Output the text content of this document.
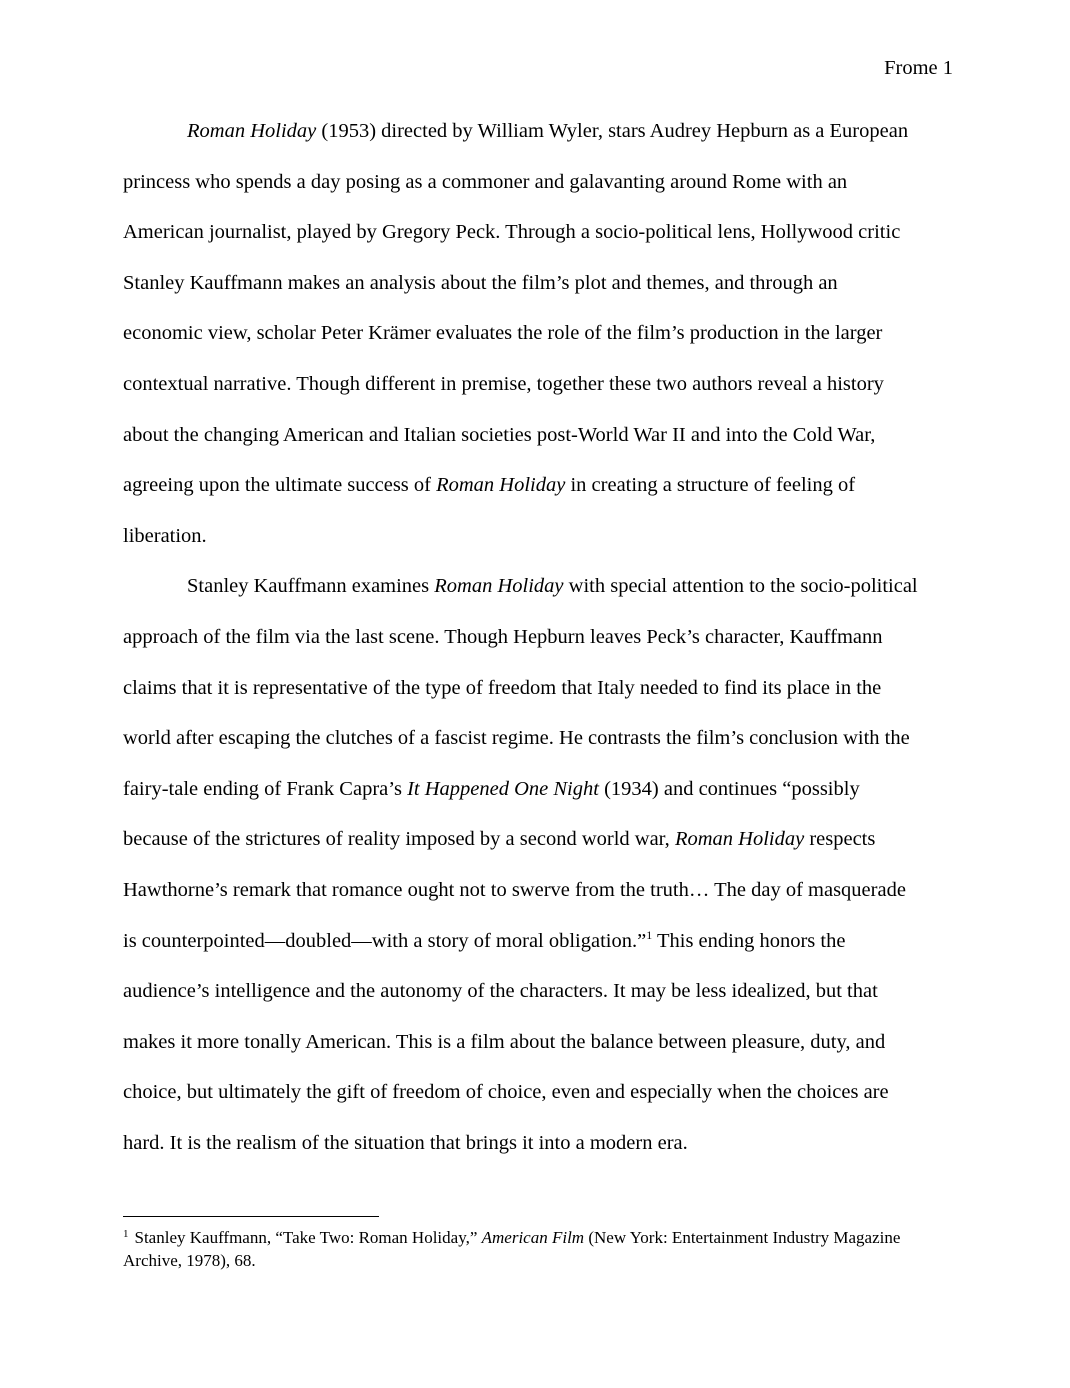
Frome 1
Roman Holiday (1953) directed by William Wyler, stars Audrey Hepburn as a European
princess who spends a day posing as a commoner and galavanting around Rome with an
American journalist, played by Gregory Peck. Through a socio-political lens, Hollywood critic
Stanley Kauffmann makes an analysis about the film’s plot and themes, and through an
economic view, scholar Peter Krämer evaluates the role of the film’s production in the larger
contextual narrative. Though different in premise, together these two authors reveal a history
about the changing American and Italian societies post-World War II and into the Cold War,
agreeing upon the ultimate success of Roman Holiday in creating a structure of feeling of
liberation.
Stanley Kauffmann examines Roman Holiday with special attention to the socio-political
approach of the film via the last scene. Though Hepburn leaves Peck’s character, Kauffmann
claims that it is representative of the type of freedom that Italy needed to find its place in the
world after escaping the clutches of a fascist regime. He contrasts the film’s conclusion with the
fairy-tale ending of Frank Capra’s It Happened One Night (1934) and continues “possibly
because of the strictures of reality imposed by a second world war, Roman Holiday respects
Hawthorne’s remark that romance ought not to swerve from the truth… The day of masquerade
is counterpointed—doubled—with a story of moral obligation.”$^1$ This ending honors the
audience’s intelligence and the autonomy of the characters. It may be less idealized, but that
makes it more tonally American. This is a film about the balance between pleasure, duty, and
choice, but ultimately the gift of freedom of choice, even and especially when the choices are
hard. It is the realism of the situation that brings it into a modern era.
$^1$ Stanley Kauffmann, “Take Two: Roman Holiday,” American Film (New York: Entertainment Industry Magazine
Archive, 1978), 68.
